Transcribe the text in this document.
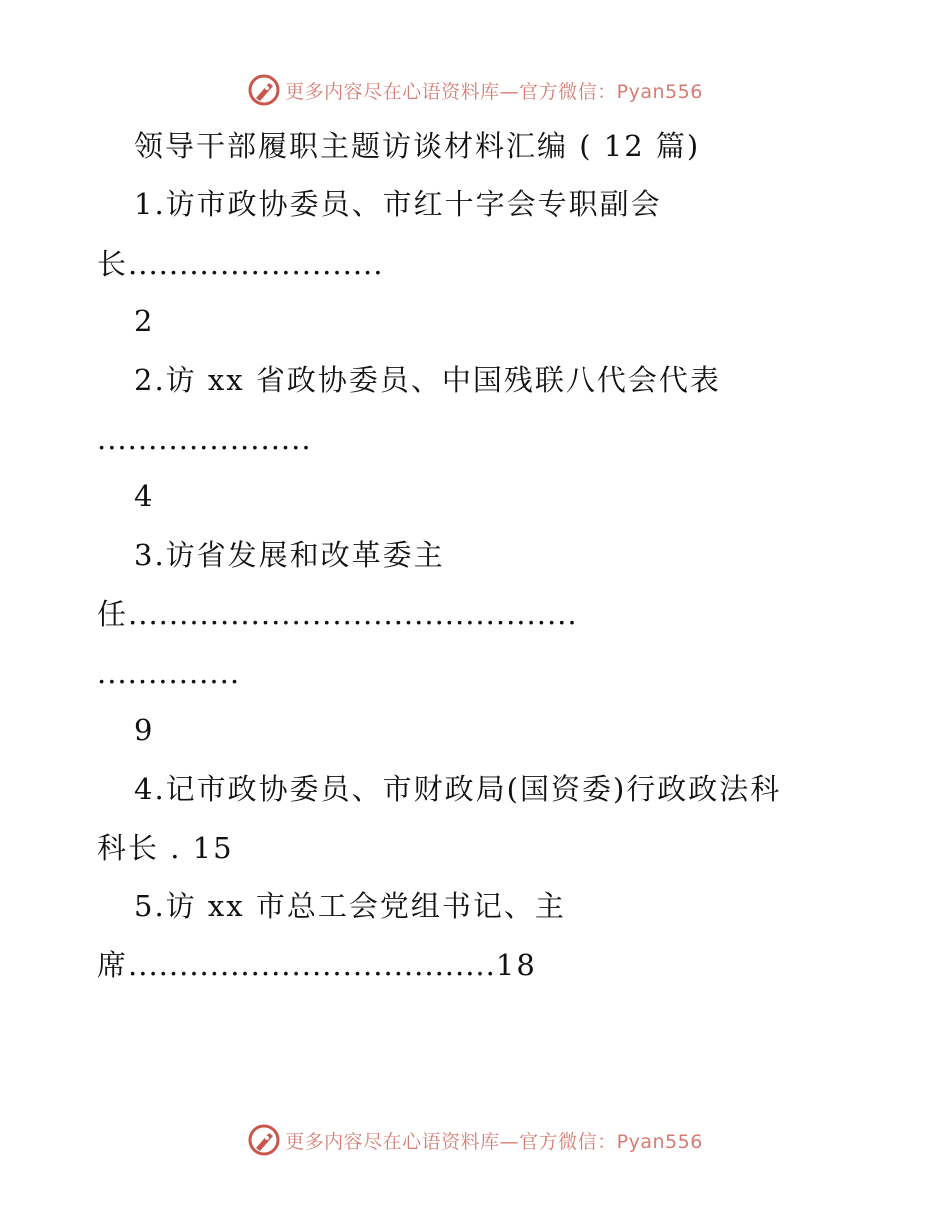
更多内容尽在心语资料库—官方微信：Pyan556
领导干部履职主题访谈材料汇编 ( 12 篇)
1.访市政协委员、市红十字会专职副会
长.........................
2
2.访 xx 省政协委员、中国残联八代会代表
.....................
4
3.访省发展和改革委主
任............................................
..............
9
4.记市政协委员、市财政局(国资委)行政政法科
科长 . 15
5.访 xx 市总工会党组书记、主
席....................................18
更多内容尽在心语资料库—官方微信：Pyan556
